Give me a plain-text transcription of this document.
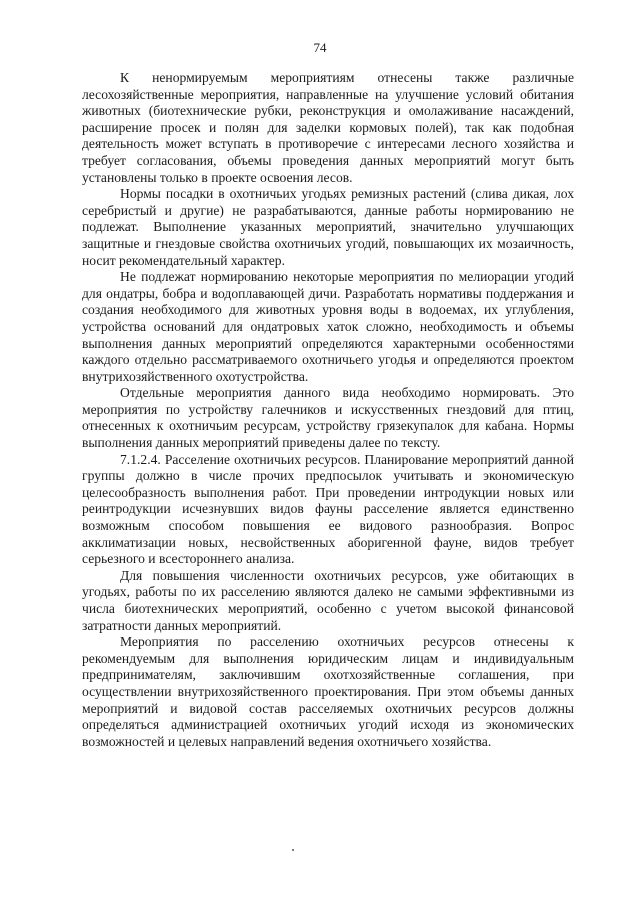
74

К ненормируемым мероприятиям отнесены также различные лесохозяйственные мероприятия, направленные на улучшение условий обитания животных (биотехнические рубки, реконструкция и омолаживание насаждений, расширение просек и полян для заделки кормовых полей), так как подобная деятельность может вступать в противоречие с интересами лесного хозяйства и требует согласования, объемы проведения данных мероприятий могут быть установлены только в проекте освоения лесов.

Нормы посадки в охотничьих угодьях ремизных растений (слива дикая, лох серебристый и другие) не разрабатываются, данные работы нормированию не подлежат. Выполнение указанных мероприятий, значительно улучшающих защитные и гнездовые свойства охотничьих угодий, повышающих их мозаичность, носит рекомендательный характер.

Не подлежат нормированию некоторые мероприятия по мелиорации угодий для ондатры, бобра и водоплавающей дичи. Разработать нормативы поддержания и создания необходимого для животных уровня воды в водоемах, их углубления, устройства оснований для ондатровых хаток сложно, необходимость и объемы выполнения данных мероприятий определяются характерными особенностями каждого отдельно рассматриваемого охотничьего угодья и определяются проектом внутрихозяйственного охотустройства.

Отдельные мероприятия данного вида необходимо нормировать. Это мероприятия по устройству галечников и искусственных гнездовий для птиц, отнесенных к охотничьим ресурсам, устройству грязекупалок для кабана. Нормы выполнения данных мероприятий приведены далее по тексту.

7.1.2.4. Расселение охотничьих ресурсов. Планирование мероприятий данной группы должно в числе прочих предпосылок учитывать и экономическую целесообразность выполнения работ. При проведении интродукции новых или реинтродукции исчезнувших видов фауны расселение является единственно возможным способом повышения ее видового разнообразия. Вопрос акклиматизации новых, несвойственных аборигенной фауне, видов требует серьезного и всестороннего анализа.

Для повышения численности охотничьих ресурсов, уже обитающих в угодьях, работы по их расселению являются далеко не самыми эффективными из числа биотехнических мероприятий, особенно с учетом высокой финансовой затратности данных мероприятий.

Мероприятия по расселению охотничьих ресурсов отнесены к рекомендуемым для выполнения юридическим лицам и индивидуальным предпринимателям, заключившим охотхозяйственные соглашения, при осуществлении внутрихозяйственного проектирования. При этом объемы данных мероприятий и видовой состав расселяемых охотничьих ресурсов должны определяться администрацией охотничьих угодий исходя из экономических возможностей и целевых направлений ведения охотничьего хозяйства.
